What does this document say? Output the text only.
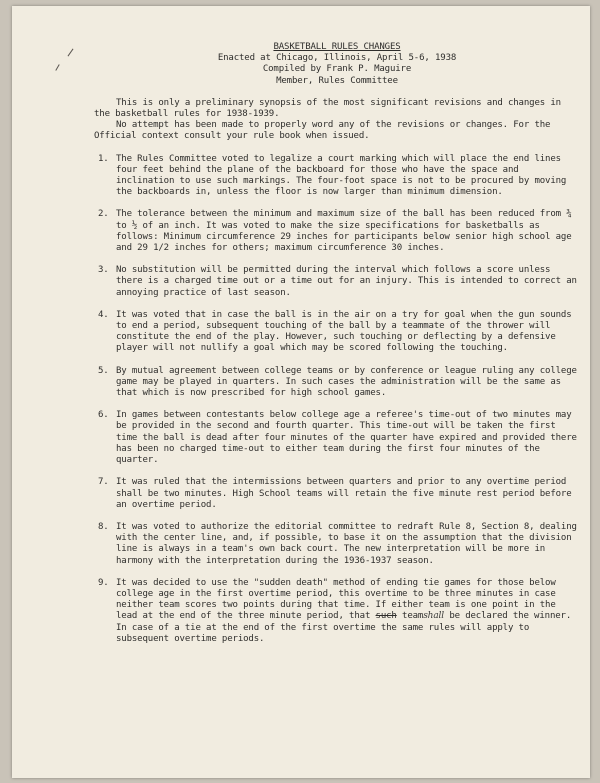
BASKETBALL RULES CHANGES
Enacted at Chicago, Illinois, April 5-6, 1938
Compiled by Frank P. Maguire
Member, Rules Committee

This is only a preliminary synopsis of the most significant revisions and changes in the basketball rules for 1938-1939.

No attempt has been made to properly word any of the revisions or changes. For the Official context consult your rule book when issued.

1. The Rules Committee voted to legalize a court marking which will place the end lines four feet behind the plane of the backboard for those who have the space and inclination to use such markings. The four-foot space is not to be procured by moving the backboards in, unless the floor is now larger than minimum dimension.
2. The tolerance between the minimum and maximum size of the ball has been reduced from ¾ to ½ of an inch. It was voted to make the size specifications for basketballs as follows: Minimum circumference 29 inches for participants below senior high school age and 29 1/2 inches for others; maximum circumference 30 inches.
3. No substitution will be permitted during the interval which follows a score unless there is a charged time out or a time out for an injury. This is intended to correct an annoying practice of last season.
4. It was voted that in case the ball is in the air on a try for goal when the gun sounds to end a period, subsequent touching of the ball by a teammate of the thrower will constitute the end of the play. However, such touching or deflecting by a defensive player will not nullify a goal which may be scored following the touching.
5. By mutual agreement between college teams or by conference or league ruling any college game may be played in quarters. In such cases the administration will be the same as that which is now prescribed for high school games.
6. In games between contestants below college age a referee's time-out of two minutes may be provided in the second and fourth quarter. This time-out will be taken the first time the ball is dead after four minutes of the quarter have expired and provided there has been no charged time-out to either team during the first four minutes of the quarter.
7. It was ruled that the intermissions between quarters and prior to any overtime period shall be two minutes. High School teams will retain the five minute rest period before an overtime period.
8. It was voted to authorize the editorial committee to redraft Rule 8, Section 8, dealing with the center line, and, if possible, to base it on the assumption that the division line is always in a team's own back court. The new interpretation will be more in harmony with the interpretation during the 1936-1937 season.
9. It was decided to use the "sudden death" method of ending tie games for those below college age in the first overtime period, this overtime to be three minutes in case neither team scores two points during that time. If either team is one point in the lead at the end of the three minute period, that such teamshall be declared the winner. In case of a tie at the end of the first overtime the same rules will apply to subsequent overtime periods.
